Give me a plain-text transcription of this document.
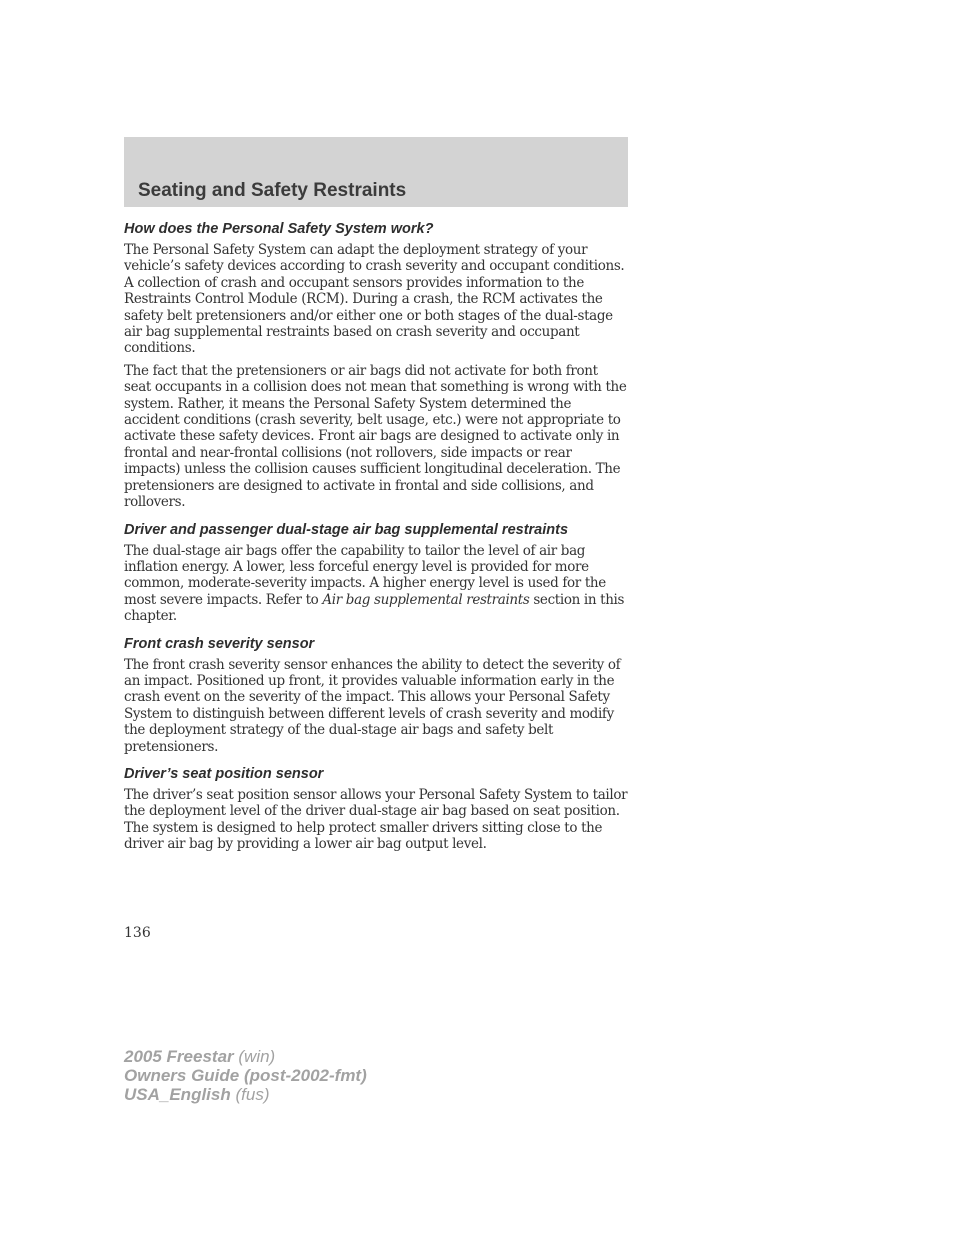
Seating and Safety Restraints
How does the Personal Safety System work?

The Personal Safety System can adapt the deployment strategy of your vehicle’s safety devices according to crash severity and occupant conditions. A collection of crash and occupant sensors provides information to the Restraints Control Module (RCM). During a crash, the RCM activates the safety belt pretensioners and/or either one or both stages of the dual-stage air bag supplemental restraints based on crash severity and occupant conditions.

The fact that the pretensioners or air bags did not activate for both front seat occupants in a collision does not mean that something is wrong with the system. Rather, it means the Personal Safety System determined the accident conditions (crash severity, belt usage, etc.) were not appropriate to activate these safety devices. Front air bags are designed to activate only in frontal and near-frontal collisions (not rollovers, side impacts or rear impacts) unless the collision causes sufficient longitudinal deceleration. The pretensioners are designed to activate in frontal and side collisions, and rollovers.

Driver and passenger dual-stage air bag supplemental restraints

The dual-stage air bags offer the capability to tailor the level of air bag inflation energy. A lower, less forceful energy level is provided for more common, moderate-severity impacts. A higher energy level is used for the most severe impacts. Refer to Air bag supplemental restraints section in this chapter.

Front crash severity sensor

The front crash severity sensor enhances the ability to detect the severity of an impact. Positioned up front, it provides valuable information early in the crash event on the severity of the impact. This allows your Personal Safety System to distinguish between different levels of crash severity and modify the deployment strategy of the dual-stage air bags and safety belt pretensioners.

Driver’s seat position sensor

The driver’s seat position sensor allows your Personal Safety System to tailor the deployment level of the driver dual-stage air bag based on seat position. The system is designed to help protect smaller drivers sitting close to the driver air bag by providing a lower air bag output level.

136
2005 Freestar (win)
Owners Guide (post-2002-fmt)
USA_English (fus)
